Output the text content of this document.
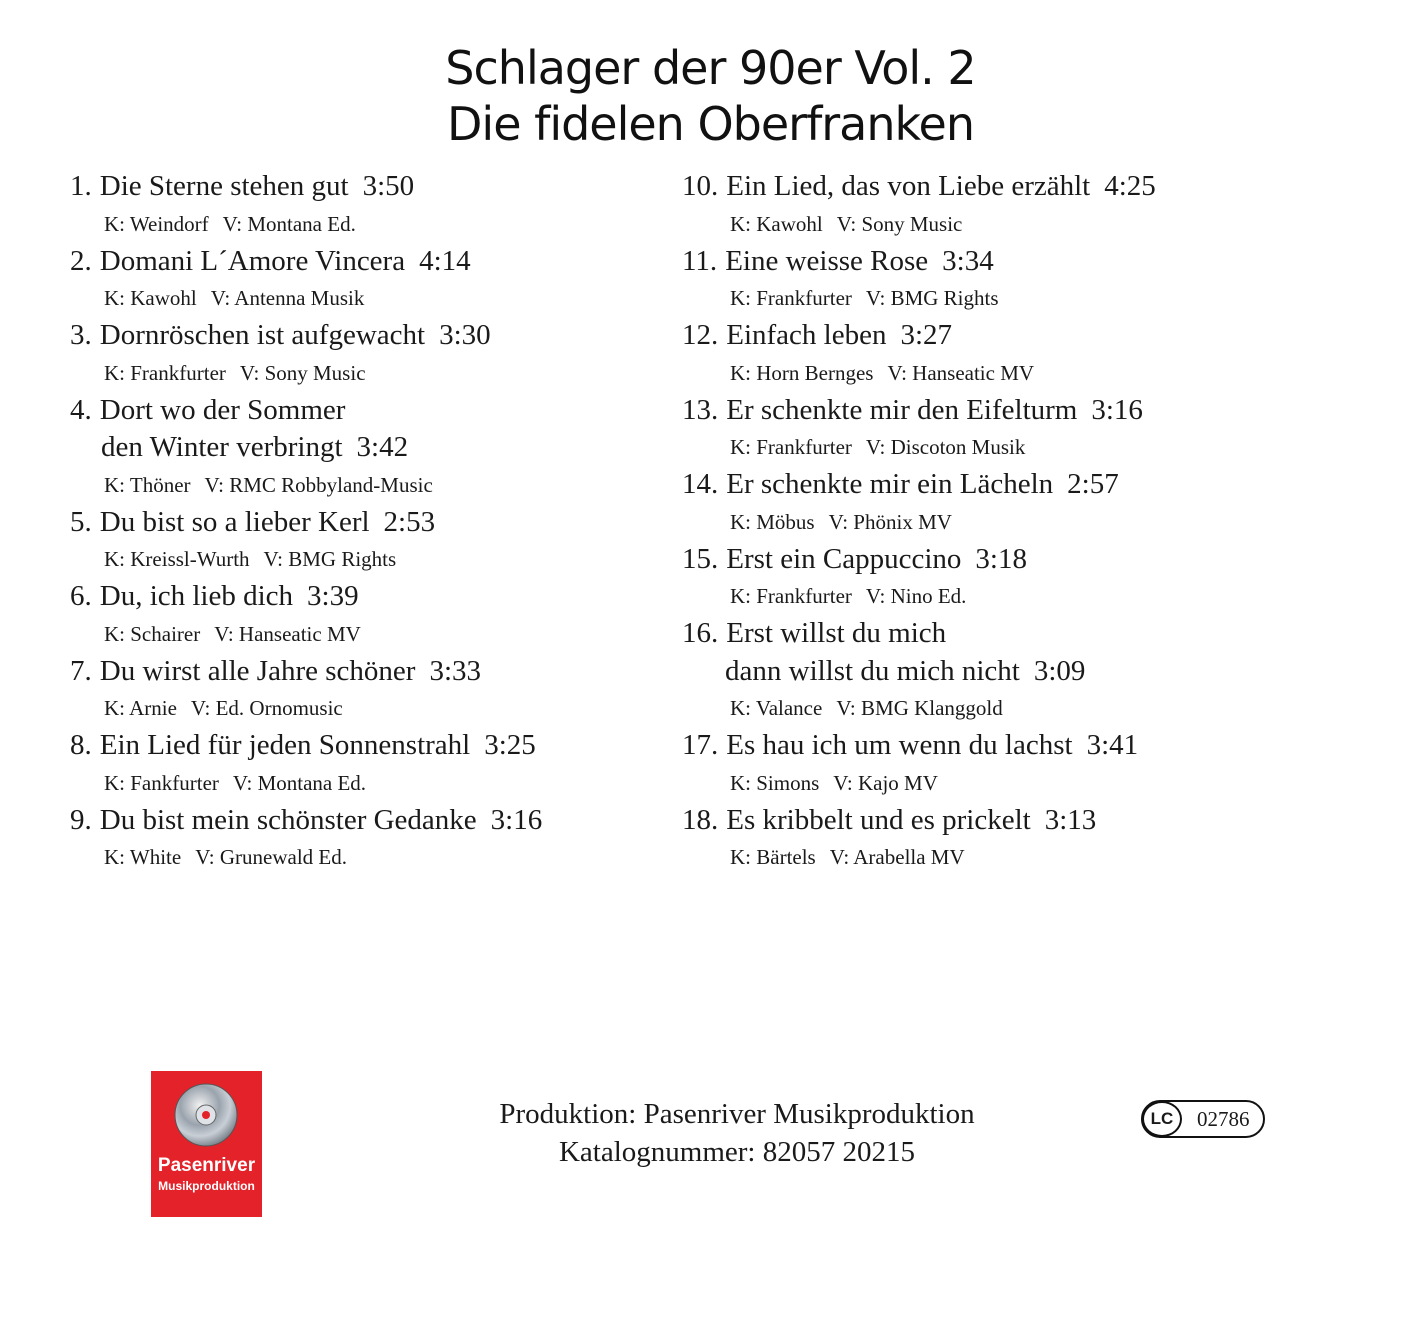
Schlager der 90er Vol. 2
Die fidelen Oberfranken
1. Die Sterne stehen gut 3:50
K: Weindorf V: Montana Ed.
2. Domani L´Amore Vincera 4:14
K: Kawohl V: Antenna Musik
3. Dornröschen ist aufgewacht 3:30
K: Frankfurter V: Sony Music
4. Dort wo der Sommer
den Winter verbringt 3:42
K: Thöner V: RMC Robbyland-Music
5. Du bist so a lieber Kerl 2:53
K: Kreissl-Wurth V: BMG Rights
6. Du, ich lieb dich 3:39
K: Schairer V: Hanseatic MV
7. Du wirst alle Jahre schöner 3:33
K: Arnie V: Ed. Ornomusic
8. Ein Lied für jeden Sonnenstrahl 3:25
K: Fankfurter V: Montana Ed.
9. Du bist mein schönster Gedanke 3:16
K: White V: Grunewald Ed.
10. Ein Lied, das von Liebe erzählt 4:25
K: Kawohl V: Sony Music
11. Eine weisse Rose 3:34
K: Frankfurter V: BMG Rights
12. Einfach leben 3:27
K: Horn Bernges V: Hanseatic MV
13. Er schenkte mir den Eifelturm 3:16
K: Frankfurter V: Discoton Musik
14. Er schenkte mir ein Lächeln 2:57
K: Möbus V: Phönix MV
15. Erst ein Cappuccino 3:18
K: Frankfurter V: Nino Ed.
16. Erst willst du mich
dann willst du mich nicht 3:09
K: Valance V: BMG Klanggold
17. Es hau ich um wenn du lachst 3:41
K: Simons V: Kajo MV
18. Es kribbelt und es prickelt 3:13
K: Bärtels V: Arabella MV
Pasenriver
Musikproduktion
Produktion: Pasenriver Musikproduktion
Katalognummer: 82057 20215
LC	02786
